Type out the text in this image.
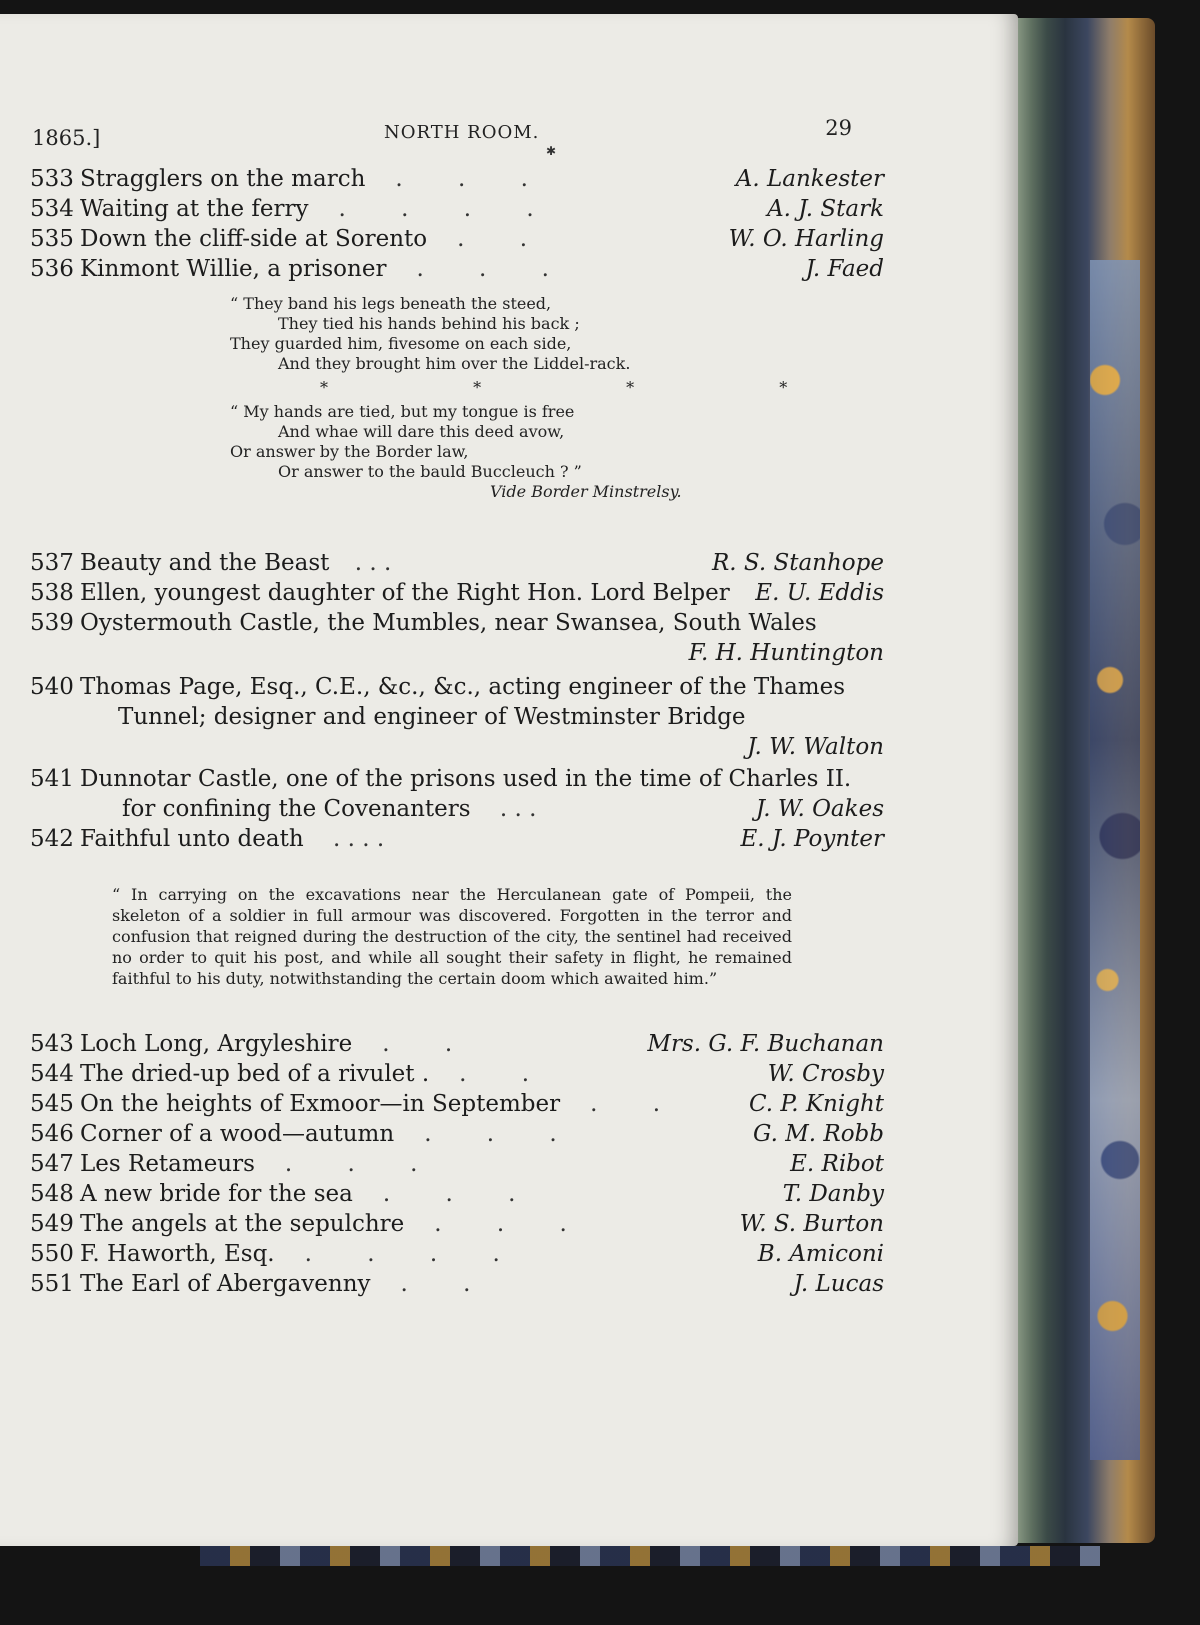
1865.]	NORTH ROOM.	29
✱
533 Stragglers on the march . . .	A. Lankester
534 Waiting at the ferry . . . .	A. J. Stark
535 Down the cliff-side at Sorento . .	W. O. Harling
536 Kinmont Willie, a prisoner . . .	J. Faed
“ They band his legs beneath the steed,
They tied his hands behind his back ;
They guarded him, fivesome on each side,
And they brought him over the Liddel-rack.
* * * *
“ My hands are tied, but my tongue is free
And whae will dare this deed avow,
Or answer by the Border law,
Or answer to the bauld Buccleuch ? ”
Vide Border Minstrelsy.
537 Beauty and the Beast . . .	R. S. Stanhope
538 Ellen, youngest daughter of the Right Hon. Lord Belper E. U. Eddis
539 Oystermouth Castle, the Mumbles, near Swansea, South Wales
F. H. Huntington
540 Thomas Page, Esq., C.E., &c., &c., acting engineer of the Thames
Tunnel; designer and engineer of Westminster Bridge
J. W. Walton
541 Dunnotar Castle, one of the prisons used in the time of Charles II.
for confining the Covenanters . . .	J. W. Oakes
542 Faithful unto death . . . .	E. J. Poynter
“ In carrying on the excavations near the Herculanean gate of Pompeii, the skeleton of a soldier in full armour was discovered. Forgotten in the terror and confusion that reigned during the destruction of the city, the sentinel had received no order to quit his post, and while all sought their safety in flight, he remained faithful to his duty, notwithstanding the certain doom which awaited him.”
543 Loch Long, Argyleshire . .	Mrs. G. F. Buchanan
544 The dried-up bed of a rivulet . . .	W. Crosby
545 On the heights of Exmoor—in September . .	C. P. Knight
546 Corner of a wood—autumn . . .	G. M. Robb
547 Les Retameurs . . .	E. Ribot
548 A new bride for the sea . . .	T. Danby
549 The angels at the sepulchre . . .	W. S. Burton
550 F. Haworth, Esq. . . . .	B. Amiconi
551 The Earl of Abergavenny . .	J. Lucas
